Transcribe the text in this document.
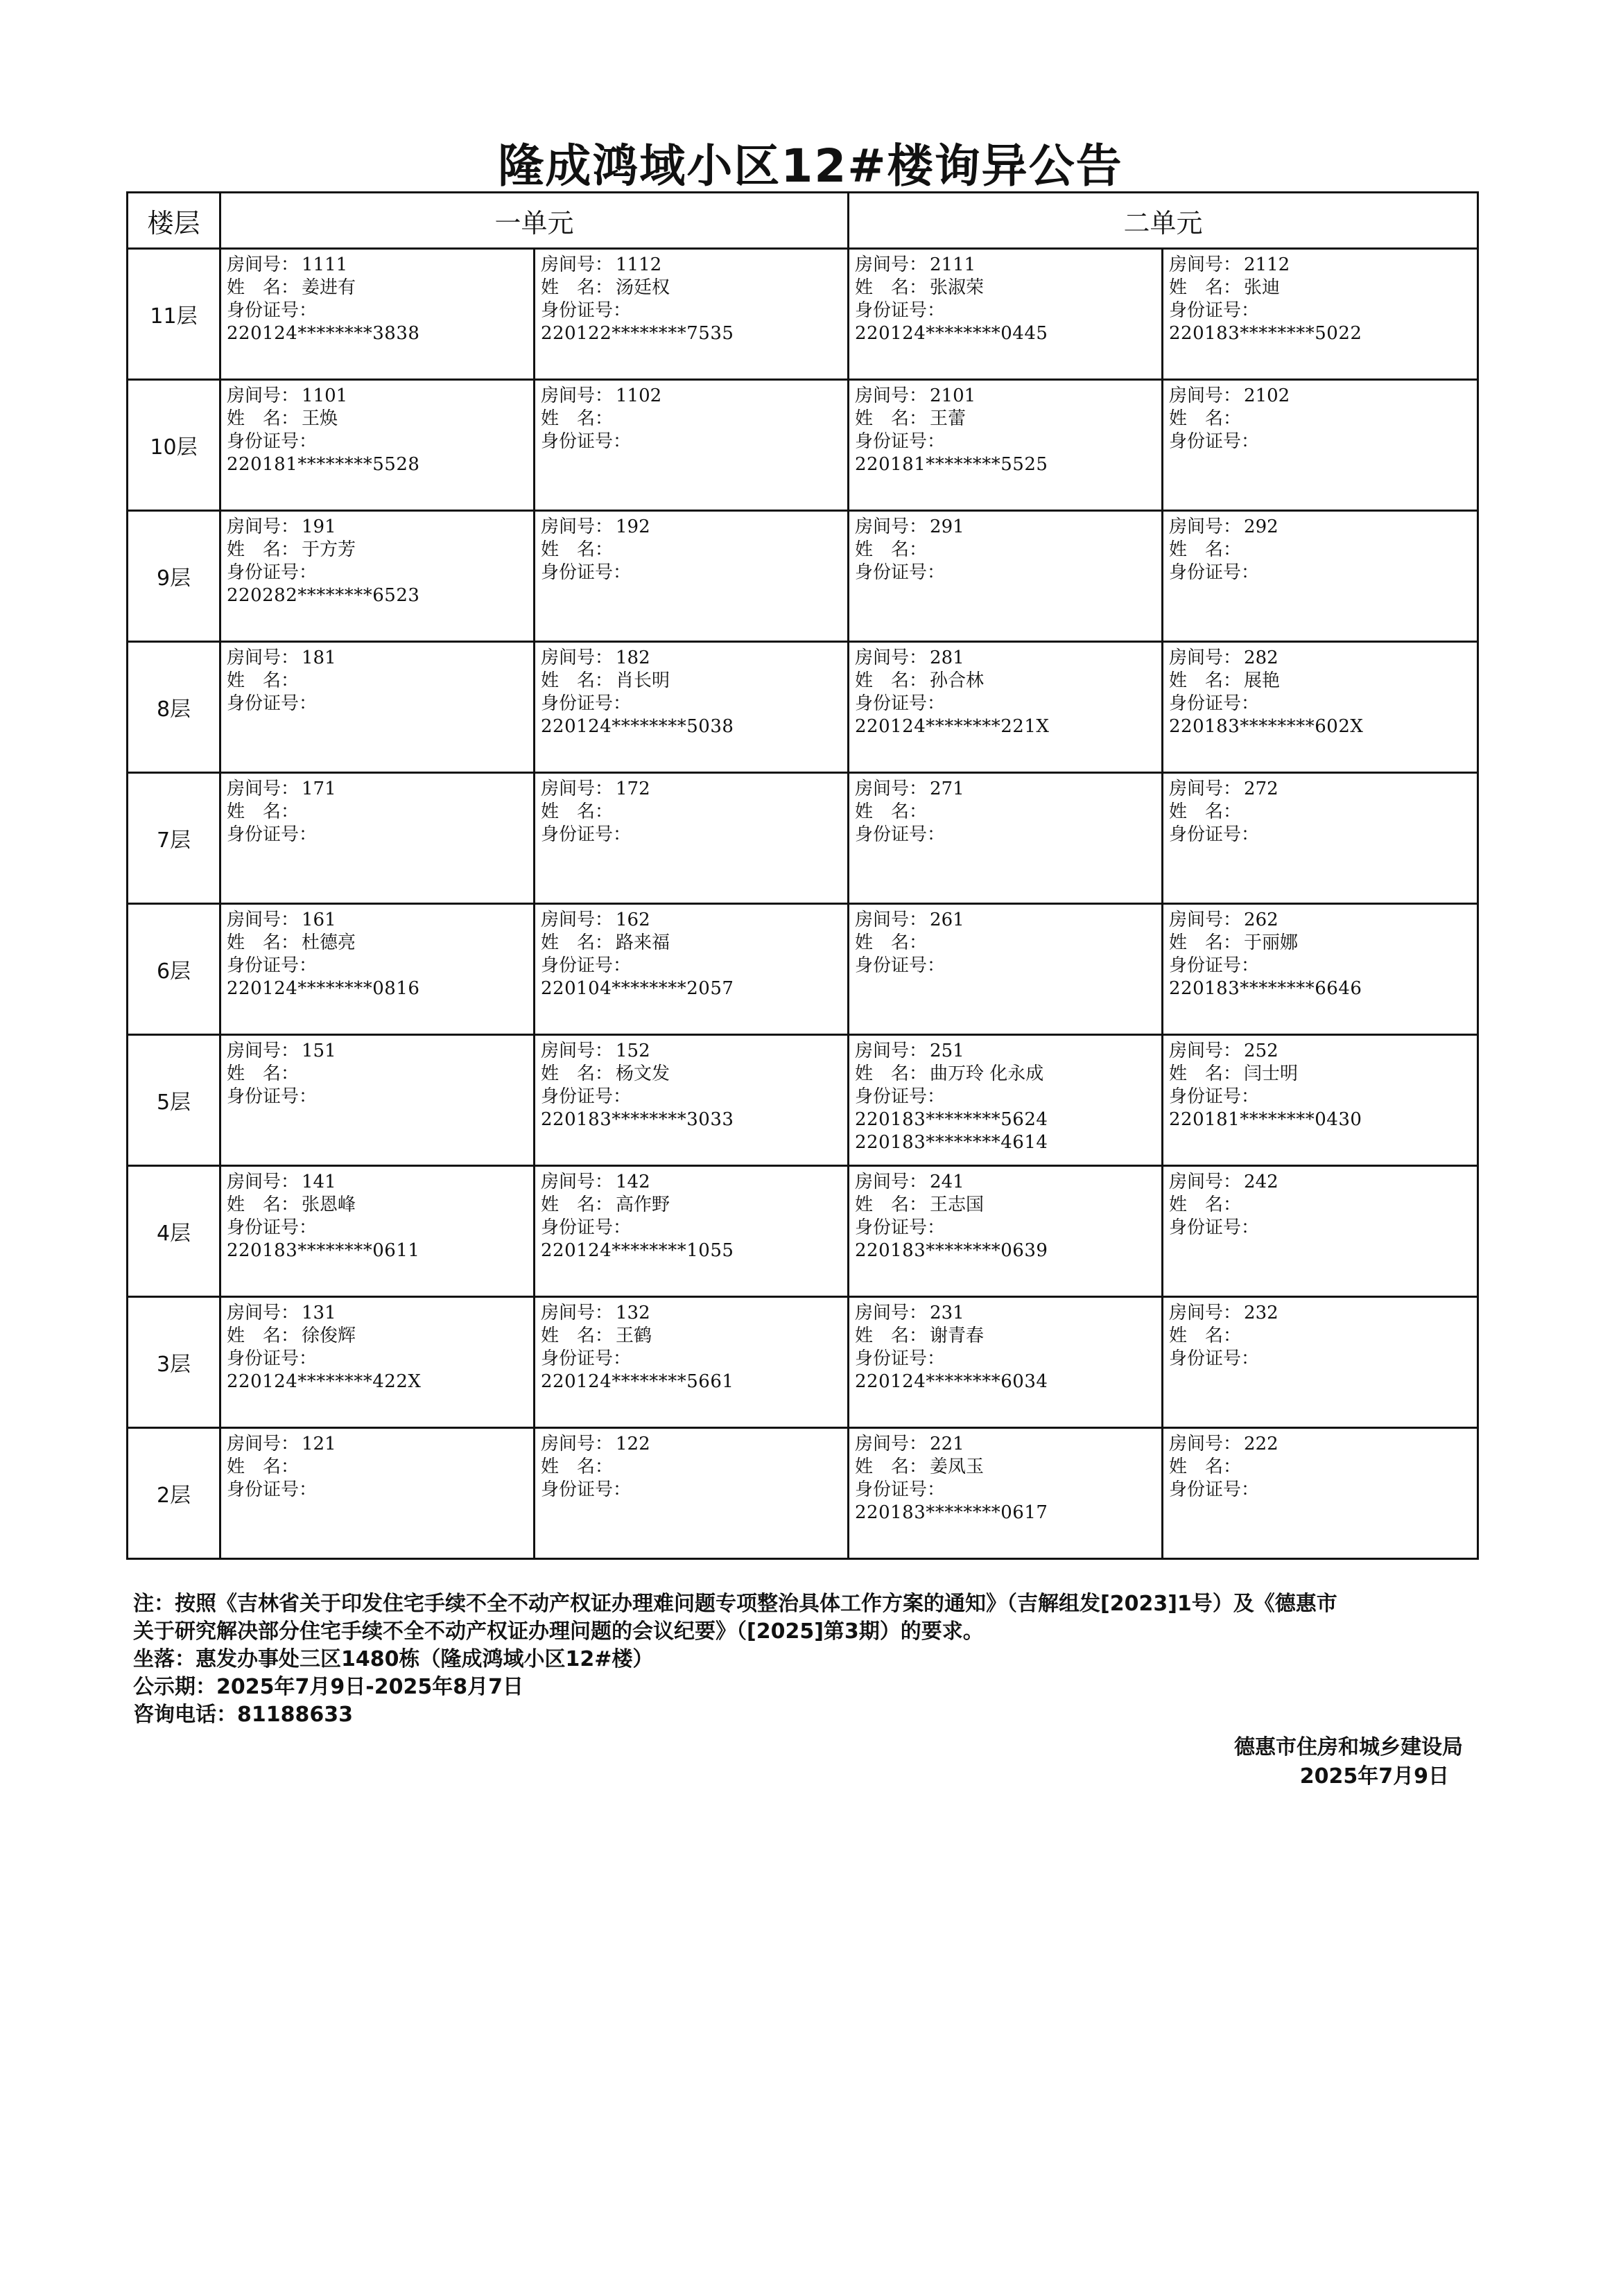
隆成鸿域小区12#楼询异公告
楼层	一单元		二单元	
11层	房间号： 1111
姓　名： 姜进有
身份证号：
220124********3838	房间号： 1112
姓　名： 汤廷权
身份证号：
220122********7535	房间号： 2111
姓　名： 张淑荣
身份证号：
220124********0445	房间号： 2112
姓　名： 张迪
身份证号：
220183********5022

10层	房间号： 1101
姓　名： 王焕
身份证号：
220181********5528	房间号： 1102
姓　名：
身份证号：	房间号： 2101
姓　名： 王蕾
身份证号：
220181********5525	房间号： 2102
姓　名：
身份证号：

9层	房间号： 191
姓　名： 于方芳
身份证号：
220282********6523	房间号： 192
姓　名：
身份证号：	房间号： 291
姓　名：
身份证号：	房间号： 292
姓　名：
身份证号：

8层	房间号： 181
姓　名：
身份证号：	房间号： 182
姓　名： 肖长明
身份证号：
220124********5038	房间号： 281
姓　名： 孙合林
身份证号：
220124********221X	房间号： 282
姓　名： 展艳
身份证号：
220183********602X

7层	房间号： 171
姓　名：
身份证号：	房间号： 172
姓　名：
身份证号：	房间号： 271
姓　名：
身份证号：	房间号： 272
姓　名：
身份证号：

6层	房间号： 161
姓　名： 杜德亮
身份证号：
220124********0816	房间号： 162
姓　名： 路来福
身份证号：
220104********2057	房间号： 261
姓　名：
身份证号：	房间号： 262
姓　名： 于丽娜
身份证号：
220183********6646

5层	房间号： 151
姓　名：
身份证号：	房间号： 152
姓　名： 杨文发
身份证号：
220183********3033	房间号： 251
姓　名： 曲万玲 化永成
身份证号：
220183********5624
220183********4614	房间号： 252
姓　名： 闫士明
身份证号：
220181********0430

4层	房间号： 141
姓　名： 张恩峰
身份证号：
220183********0611	房间号： 142
姓　名： 高作野
身份证号：
220124********1055	房间号： 241
姓　名： 王志国
身份证号：
220183********0639	房间号： 242
姓　名：
身份证号：

3层	房间号： 131
姓　名： 徐俊辉
身份证号：
220124********422X	房间号： 132
姓　名： 王鹤
身份证号：
220124********5661	房间号： 231
姓　名： 谢青春
身份证号：
220124********6034	房间号： 232
姓　名：
身份证号：

2层	房间号： 121
姓　名：
身份证号：	房间号： 122
姓　名：
身份证号：	房间号： 221
姓　名： 姜凤玉
身份证号：
220183********0617	房间号： 222
姓　名：
身份证号：

注：按照《吉林省关于印发住宅手续不全不动产权证办理难问题专项整治具体工作方案的通知》（吉解组发[2023]1号）及《德惠市

关于研究解决部分住宅手续不全不动产权证办理问题的会议纪要》（[2025]第3期）的要求。

坐落：惠发办事处三区1480栋（隆成鸿域小区12#楼）

公示期：2025年7月9日-2025年8月7日

咨询电话：81188633

德惠市住房和城乡建设局
2025年7月9日
